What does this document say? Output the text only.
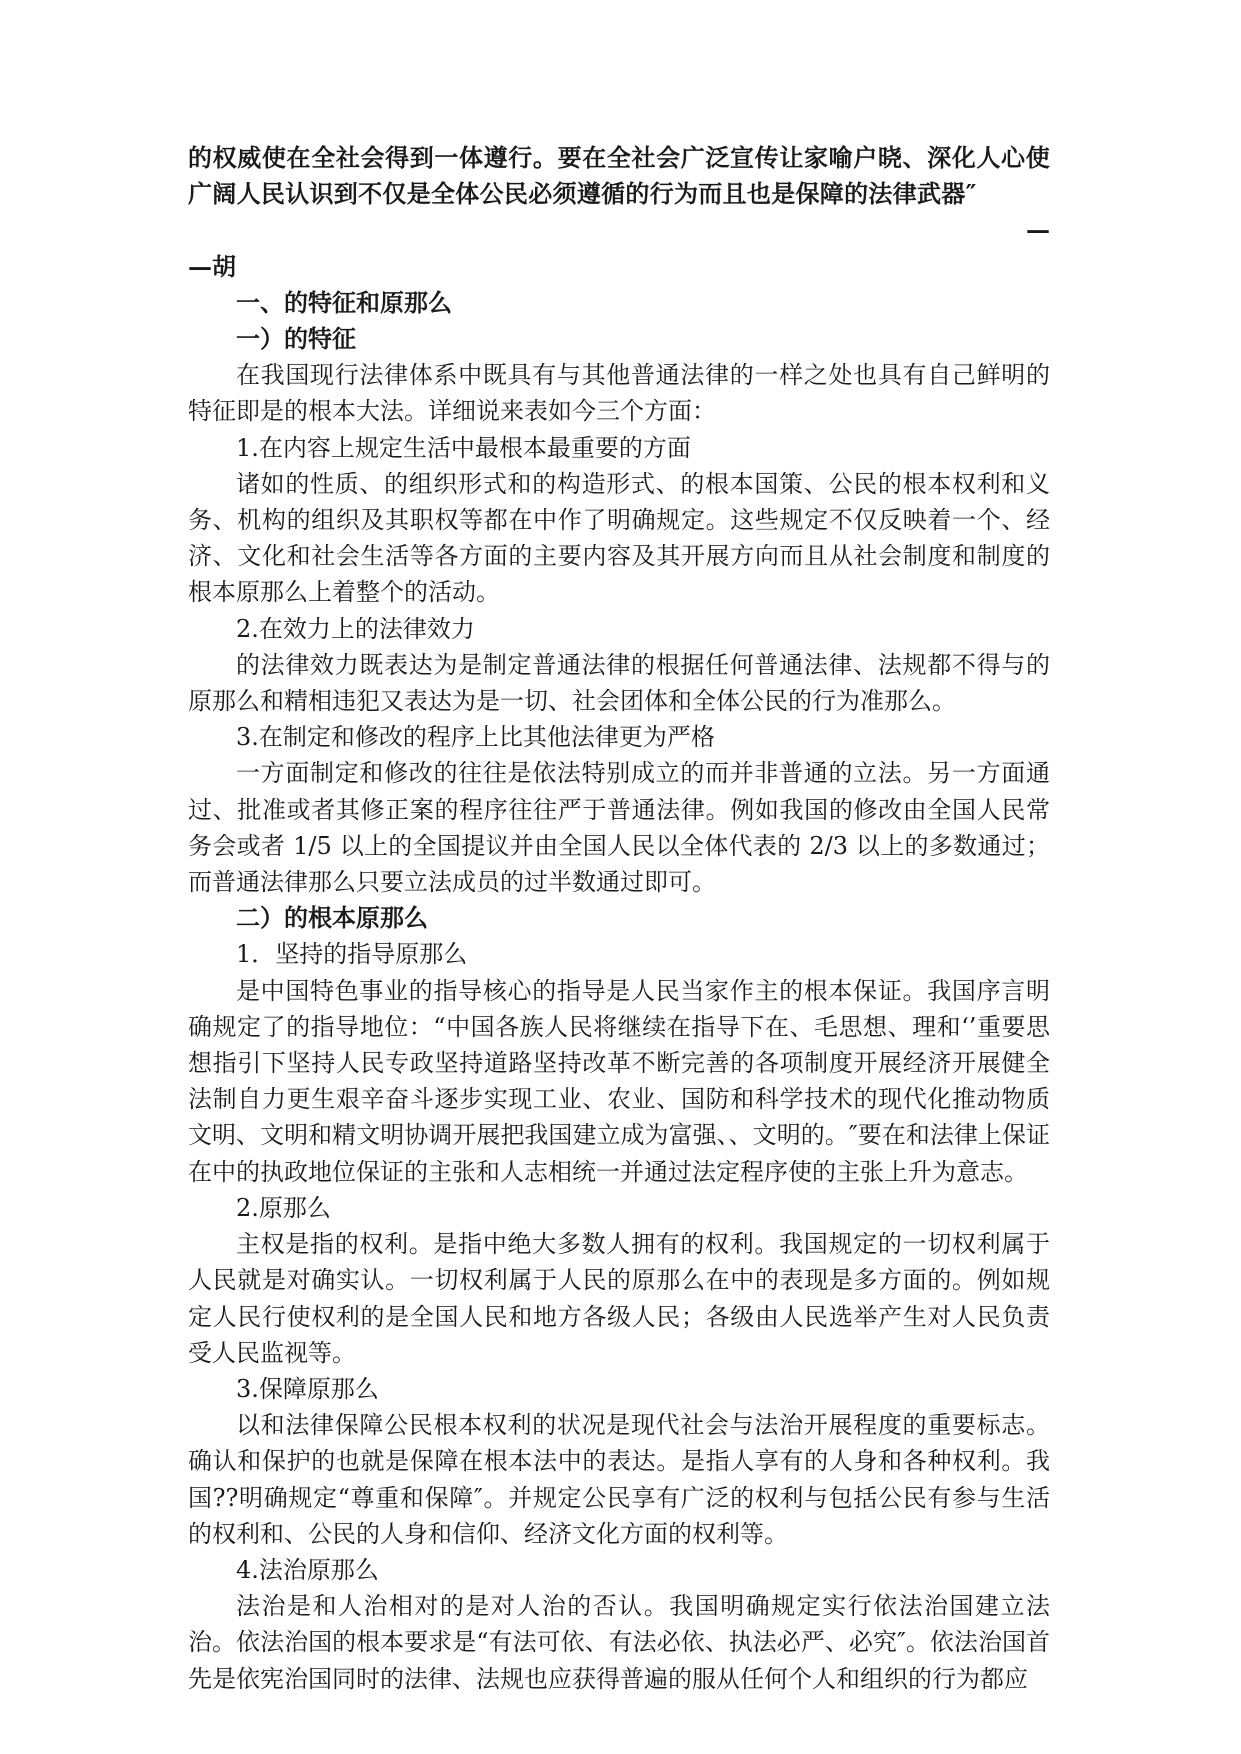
的权威使在全社会得到一体遵行。要在全社会广泛宣传让家喻户晓、深化人心使广阔人民认识到不仅是全体公民必须遵循的行为而且也是保障的法律武器″

—

—胡

一、的特征和原那么

一）的特征

在我国现行法律体系中既具有与其他普通法律的一样之处也具有自己鲜明的特征即是的根本大法。详细说来表如今三个方面：

1.在内容上规定生活中最根本最重要的方面

诸如的性质、的组织形式和的构造形式、的根本国策、公民的根本权利和义务、机构的组织及其职权等都在中作了明确规定。这些规定不仅反映着一个、经济、文化和社会生活等各方面的主要内容及其开展方向而且从社会制度和制度的根本原那么上着整个的活动。

2.在效力上的法律效力

的法律效力既表达为是制定普通法律的根据任何普通法律、法规都不得与的原那么和精相违犯又表达为是一切、社会团体和全体公民的行为准那么。

3.在制定和修改的程序上比其他法律更为严格

一方面制定和修改的往往是依法特别成立的而并非普通的立法。另一方面通过、批准或者其修正案的程序往往严于普通法律。例如我国的修改由全国人民常务会或者 1/5 以上的全国提议并由全国人民以全体代表的 2/3 以上的多数通过；而普通法律那么只要立法成员的过半数通过即可。

二）的根本原那么

1．坚持的指导原那么

是中国特色事业的指导核心的指导是人民当家作主的根本保证。我国序言明确规定了的指导地位：“中国各族人民将继续在指导下在、毛思想、理和‘’重要思想指引下坚持人民专政坚持道路坚持改革不断完善的各项制度开展经济开展健全法制自力更生艰辛奋斗逐步实现工业、农业、国防和科学技术的现代化推动物质文明、文明和精文明协调开展把我国建立成为富强、、文明的。″要在和法律上保证在中的执政地位保证的主张和人志相统一并通过法定程序使的主张上升为意志。

2.原那么

主权是指的权利。是指中绝大多数人拥有的权利。我国规定的一切权利属于人民就是对确实认。一切权利属于人民的原那么在中的表现是多方面的。例如规定人民行使权利的是全国人民和地方各级人民；各级由人民选举产生对人民负责受人民监视等。

3.保障原那么

以和法律保障公民根本权利的状况是现代社会与法治开展程度的重要标志。确认和保护的也就是保障在根本法中的表达。是指人享有的人身和各种权利。我国??明确规定“尊重和保障″。并规定公民享有广泛的权利与包括公民有参与生活的权利和、公民的人身和信仰、经济文化方面的权利等。

4.法治原那么

法治是和人治相对的是对人治的否认。我国明确规定实行依法治国建立法治。依法治国的根本要求是“有法可依、有法必依、执法必严、必究″。依法治国首先是依宪治国同时的法律、法规也应获得普遍的服从任何个人和组织的行为都应
